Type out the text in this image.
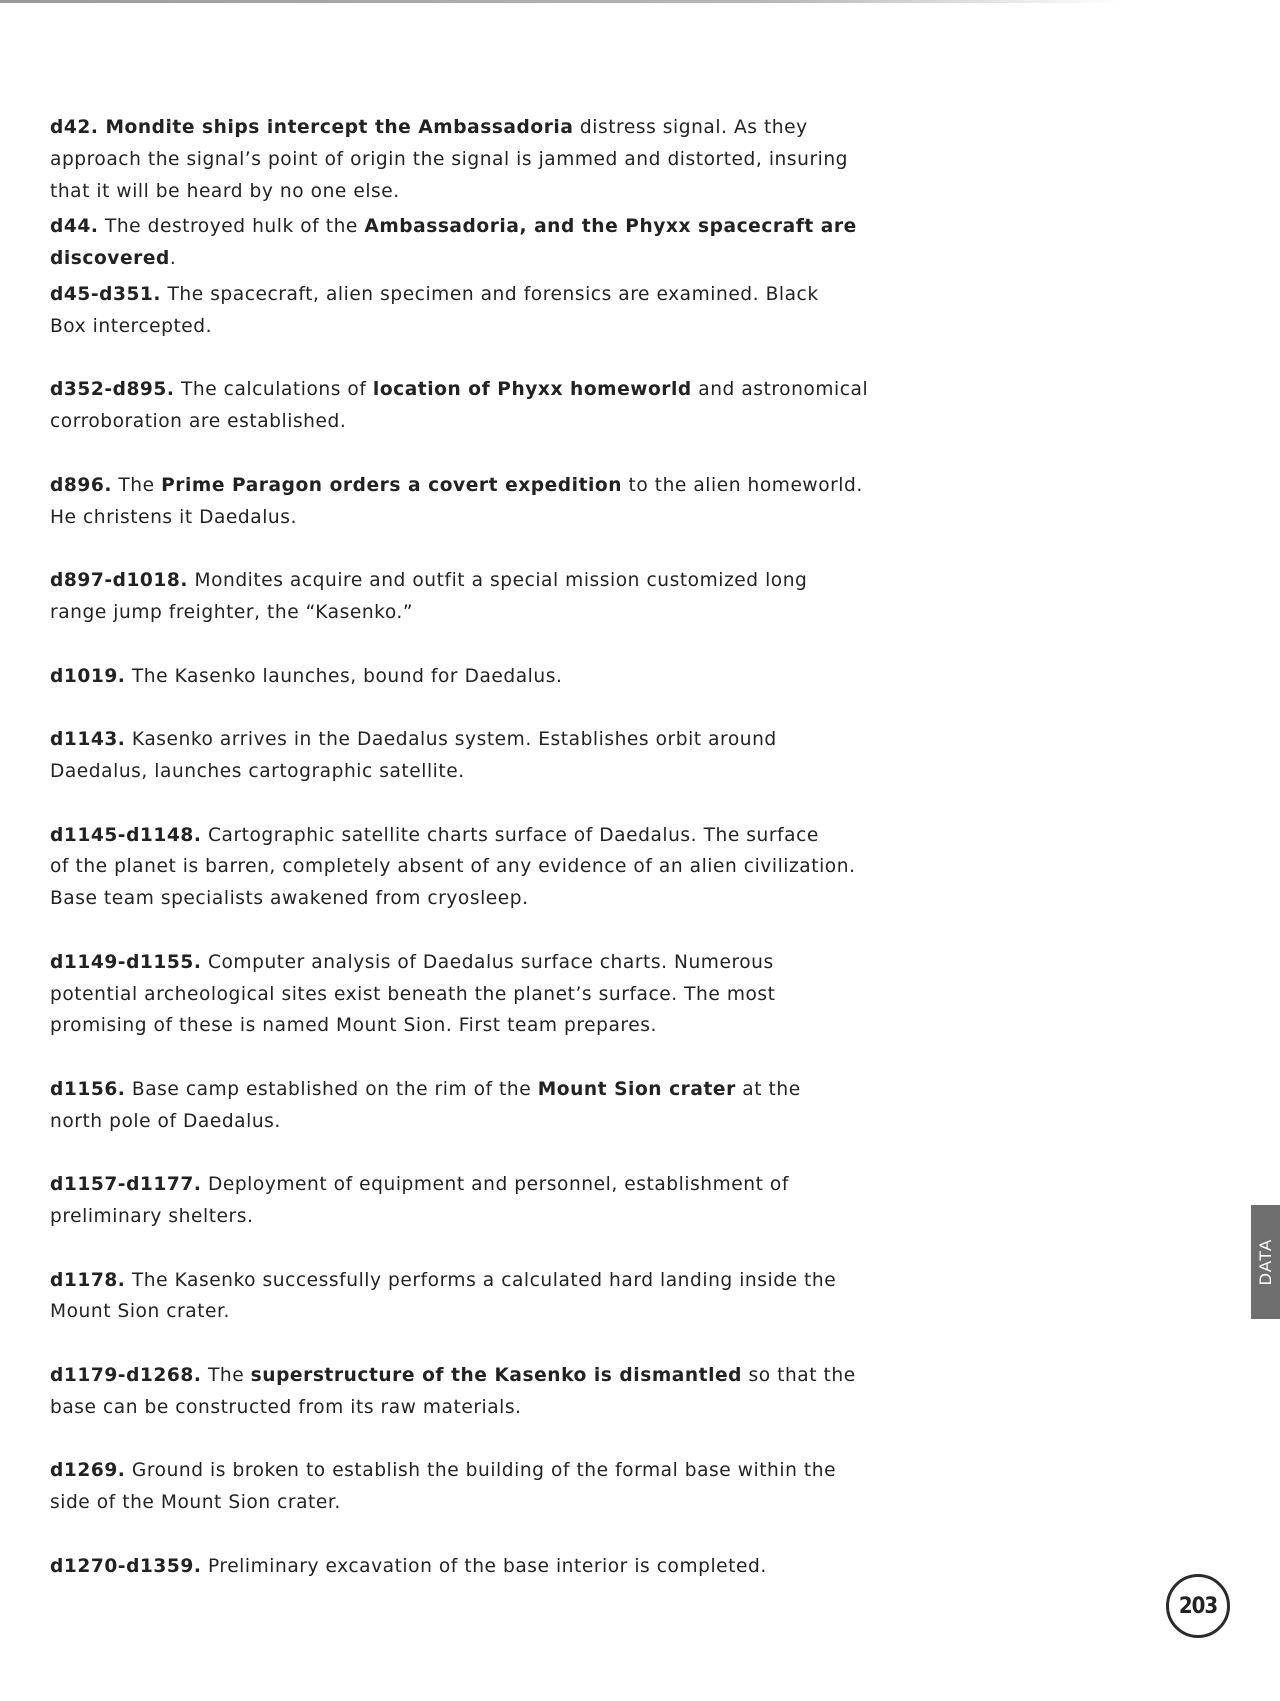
d42. Mondite ships intercept the Ambassadoria distress signal. As they
approach the signal’s point of origin the signal is jammed and distorted, insuring
that it will be heard by no one else.

d44. The destroyed hulk of the Ambassadoria, and the Phyxx spacecraft are
discovered.

d45-d351. The spacecraft, alien specimen and forensics are examined. Black
Box intercepted.

d352-d895. The calculations of location of Phyxx homeworld and astronomical
corroboration are established.

d896. The Prime Paragon orders a covert expedition to the alien homeworld.
He christens it Daedalus.

d897-d1018. Mondites acquire and outfit a special mission customized long
range jump freighter, the “Kasenko.”

d1019. The Kasenko launches, bound for Daedalus.

d1143. Kasenko arrives in the Daedalus system. Establishes orbit around
Daedalus, launches cartographic satellite.

d1145-d1148. Cartographic satellite charts surface of Daedalus. The surface
of the planet is barren, completely absent of any evidence of an alien civilization.
Base team specialists awakened from cryosleep.

d1149-d1155. Computer analysis of Daedalus surface charts. Numerous
potential archeological sites exist beneath the planet’s surface. The most
promising of these is named Mount Sion. First team prepares.

d1156. Base camp established on the rim of the Mount Sion crater at the
north pole of Daedalus.

d1157-d1177. Deployment of equipment and personnel, establishment of
preliminary shelters.

d1178. The Kasenko successfully performs a calculated hard landing inside the
Mount Sion crater.

d1179-d1268. The superstructure of the Kasenko is dismantled so that the
base can be constructed from its raw materials.

d1269. Ground is broken to establish the building of the formal base within the
side of the Mount Sion crater.

d1270-d1359. Preliminary excavation of the base interior is completed.

DATA
203
